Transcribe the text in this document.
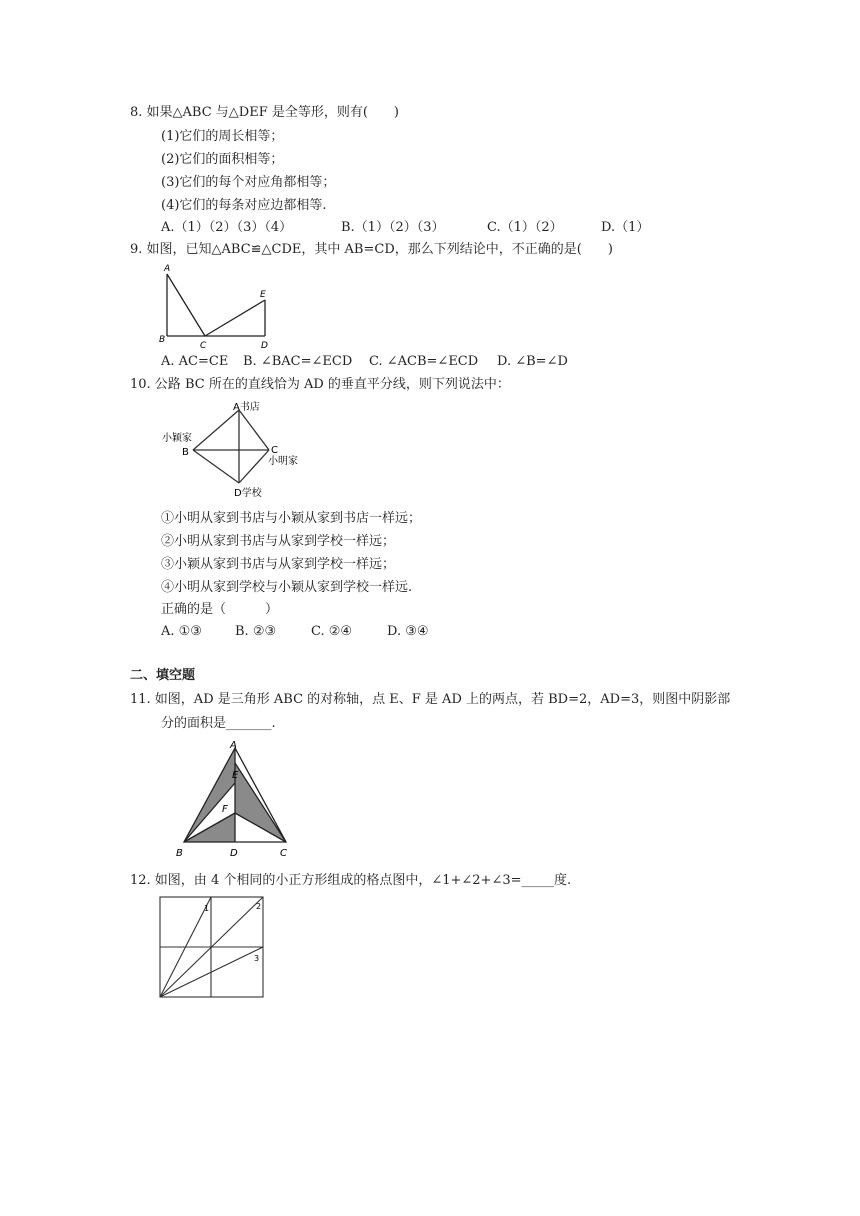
8. 如果△ABC 与△DEF 是全等形，则有(　　)
(1)它们的周长相等；
(2)它们的面积相等；
(3)它们的每个对应角都相等；
(4)它们的每条对应边都相等.
A.（1）（2）（3）（4）	B.（1）（2）（3）	C.（1）（2）	D.（1）
9. 如图，已知△ABC≌△CDE，其中 AB=CD，那么下列结论中，不正确的是(　　)
A
B
C	D
E
A. AC=CE B. ∠BAC=∠ECD C. ∠ACB=∠ECD D. ∠B=∠D
10. 公路 BC 所在的直线恰为 AD 的垂直平分线，则下列说法中：
A书店
小颖家
B	C
小明家
D学校
①小明从家到书店与小颖从家到书店一样远；
②小明从家到书店与从家到学校一样远；
③小颖从家到书店与从家到学校一样远；
④小明从家到学校与小颖从家到学校一样远.
正确的是（　　　）
A. ①③	B. ②③	C. ②④	D. ③④
二、填空题
11. 如图，AD 是三角形 ABC 的对称轴，点 E、F 是 AD 上的两点，若 BD=2，AD=3，则图中阴影部
分的面积是_______.
A
B	D	C
E
F
12. 如图，由 4 个相同的小正方形组成的格点图中，∠1+∠2+∠3=_____度.
1	2
3
